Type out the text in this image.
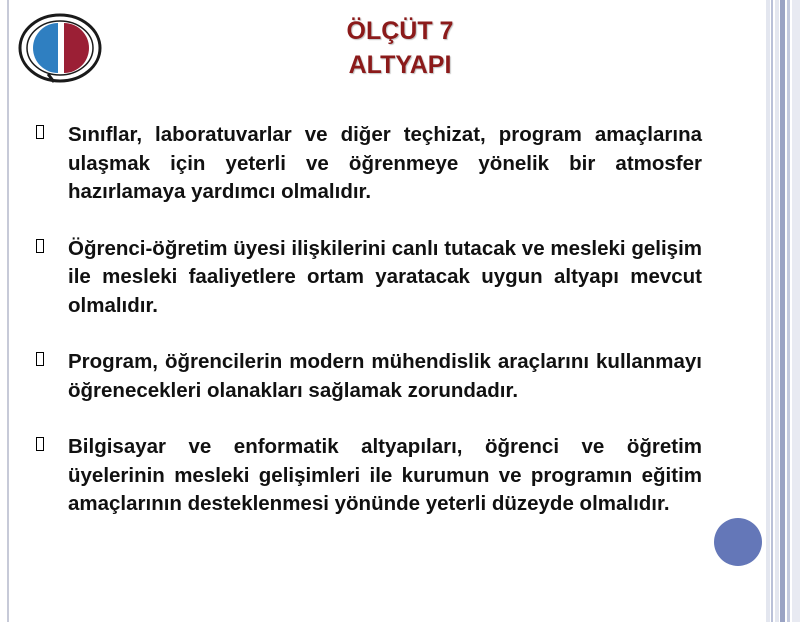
ÖLÇÜT 7
ALTYAPI

Sınıflar, laboratuvarlar ve diğer teçhizat, program amaçlarına ulaşmak için yeterli ve öğrenmeye yönelik bir atmosfer hazırlamaya yardımcı olmalıdır.

Öğrenci-öğretim üyesi ilişkilerini canlı tutacak ve mesleki gelişim ile mesleki faaliyetlere ortam yaratacak uygun altyapı mevcut olmalıdır.

Program, öğrencilerin modern mühendislik araçlarını kullanmayı öğrenecekleri olanakları sağlamak zorundadır.

Bilgisayar ve enformatik altyapıları, öğrenci ve öğretim üyelerinin mesleki gelişimleri ile kurumun ve programın eğitim amaçlarının desteklenmesi yönünde yeterli düzeyde olmalıdır.
